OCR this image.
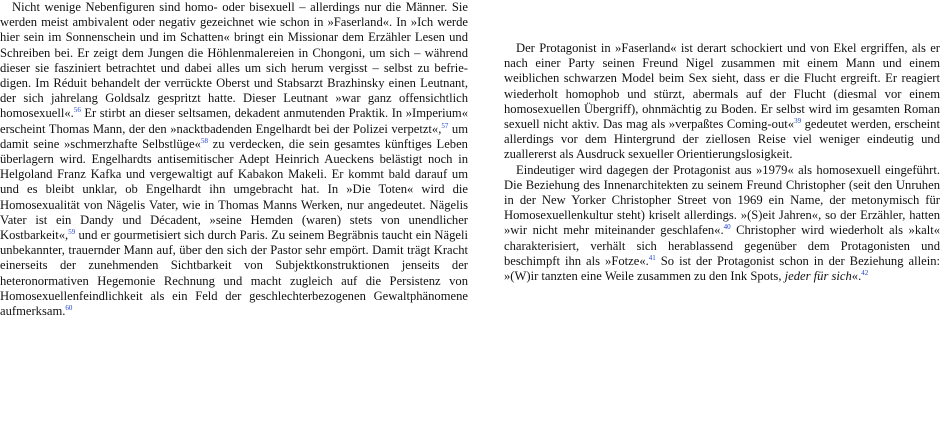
Nicht wenige Nebenfiguren sind homo- oder bisexuell – allerdings nur die Männer. Sie werden meist ambivalent oder negativ gezeichnet wie schon in »Faserland«. In »Ich werde hier sein im Sonnenschein und im Schatten« bringt ein Missionar dem Erzähler Lesen und Schreiben bei. Er zeigt dem Jungen die Höhlenmalereien in Chongoni, um sich – während dieser sie fasziniert betrachtet und dabei alles um sich herum vergisst – selbst zu befriedigen. Im Réduit behandelt der verrückte Oberst und Stabsarzt Brazhinsky einen Leutnant, der sich jahrelang Goldsalz gespritzt hatte. Dieser Leutnant »war ganz offensichtlich homosexuell«.$^{56}$ Er stirbt an dieser seltsamen, dekadent anmutenden Praktik. In »Imperium« erscheint Thomas Mann, der den »nacktbadenden Engelhardt bei der Polizei verpetzt«,$^{57}$ um damit seine »schmerzhafte Selbstlüge«$^{58}$ zu verdecken, die sein gesamtes künftiges Leben überlagern wird. Engelhardts antisemitischer Adept Heinrich Aueckens belästigt noch in Helgoland Franz Kafka und vergewaltigt auf Kabakon Makeli. Er kommt bald darauf um und es bleibt unklar, ob Engelhardt ihn umgebracht hat. In »Die Toten« wird die Homosexualität von Nägelis Vater, wie in Thomas Manns Werken, nur angedeutet. Nägelis Vater ist ein Dandy und Décadent, »seine Hemden (waren) stets von unendlicher Kostbarkeit«,$^{59}$ und er gourmetisiert sich durch Paris. Zu seinem Begräbnis taucht ein Nägeli unbekannter, trauernder Mann auf, über den sich der Pastor sehr empört. Damit trägt Kracht einerseits der zunehmenden Sichtbarkeit von Subjektkonstruktionen jenseits der heteronormativen Hegemonie Rechnung und macht zugleich auf die Persistenz von Homosexuellenfeindlichkeit als ein Feld der geschlechterbezogenen Gewaltphänomene aufmerksam.$^{60}$

Der Protagonist in »Faserland« ist derart schockiert und von Ekel ergriffen, als er nach einer Party seinen Freund Nigel zusammen mit einem Mann und einem weiblichen schwarzen Model beim Sex sieht, dass er die Flucht ergreift. Er reagiert wiederholt homophob und stürzt, abermals auf der Flucht (diesmal vor einem homosexuellen Übergriff), ohnmächtig zu Boden. Er selbst wird im gesamten Roman sexuell nicht aktiv. Das mag als »verpaßtes Coming-out«$^{39}$ gedeutet werden, erscheint allerdings vor dem Hintergrund der ziellosen Reise viel weniger eindeutig und zuallererst als Ausdruck sexueller Orientierungslosigkeit.

Eindeutiger wird dagegen der Protagonist aus »1979« als homosexuell eingeführt. Die Beziehung des Innenarchitekten zu seinem Freund Christopher (seit den Unruhen in der New Yorker Christopher Street von 1969 ein Name, der metonymisch für Homosexuellenkultur steht) kriselt allerdings. »(S)eit Jahren«, so der Erzähler, hatten »wir nicht mehr miteinander geschlafen«.$^{40}$ Christopher wird wiederholt als »kalt« charakterisiert, verhält sich herablassend gegenüber dem Protagonisten und beschimpft ihn als »Fotze«.$^{41}$ So ist der Protagonist schon in der Beziehung allein: »(W)ir tanzten eine Weile zusammen zu den Ink Spots, jeder für sich«.$^{42}$
